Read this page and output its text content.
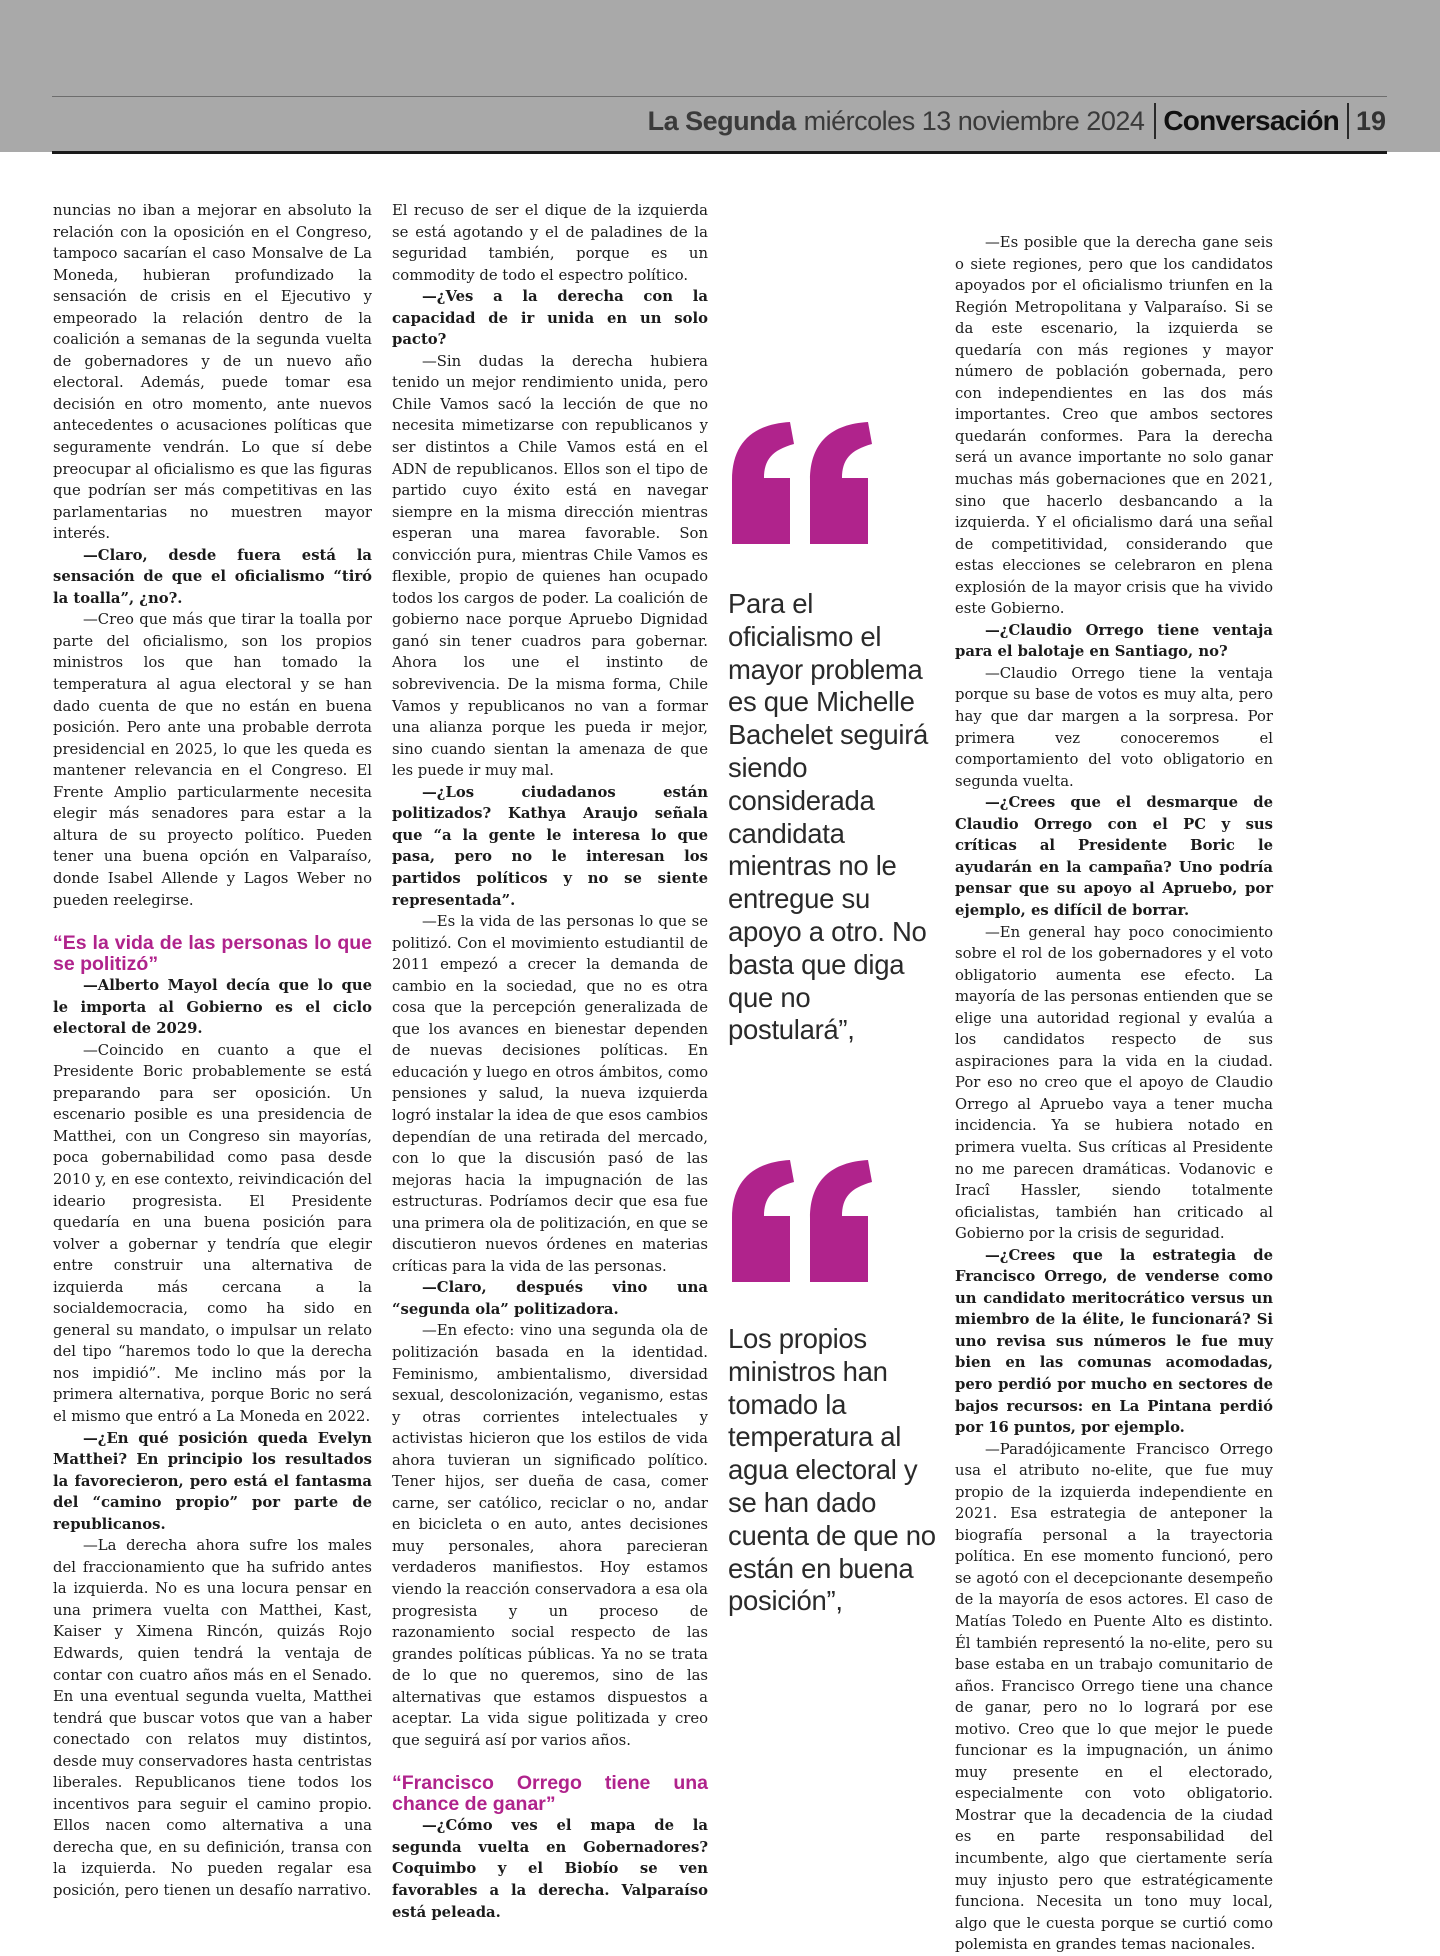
La Segunda miércoles 13 noviembre 2024 Conversación 19

nuncias no iban a mejorar en absoluto la relación con la oposición en el Congreso, tampoco sacarían el caso Monsalve de La Moneda, hubieran profundizado la sensación de crisis en el Ejecutivo y empeorado la relación dentro de la coalición a semanas de la segunda vuelta de gobernadores y de un nuevo año electoral. Además, puede tomar esa decisión en otro momento, ante nuevos antecedentes o acusaciones políticas que seguramente vendrán. Lo que sí debe preocupar al oficialismo es que las figuras que podrían ser más competitivas en las parlamentarias no muestren mayor interés.

—Claro, desde fuera está la sensación de que el oficialismo “tiró la toalla”, ¿no?.

—Creo que más que tirar la toalla por parte del oficialismo, son los propios ministros los que han tomado la temperatura al agua electoral y se han dado cuenta de que no están en buena posición. Pero ante una probable derrota presidencial en 2025, lo que les queda es mantener relevancia en el Congreso. El Frente Amplio particularmente necesita elegir más senadores para estar a la altura de su proyecto político. Pueden tener una buena opción en Valparaíso, donde Isabel Allende y Lagos Weber no pueden reelegirse.

“Es la vida de las personas lo que se politizó”

—Alberto Mayol decía que lo que le importa al Gobierno es el ciclo electoral de 2029.

—Coincido en cuanto a que el Presidente Boric probablemente se está preparando para ser oposición. Un escenario posible es una presidencia de Matthei, con un Congreso sin mayorías, poca gobernabilidad como pasa desde 2010 y, en ese contexto, reivindicación del ideario progresista. El Presidente quedaría en una buena posición para volver a gobernar y tendría que elegir entre construir una alternativa de izquierda más cercana a la socialdemocracia, como ha sido en general su mandato, o impulsar un relato del tipo “haremos todo lo que la derecha nos impidió”. Me inclino más por la primera alternativa, porque Boric no será el mismo que entró a La Moneda en 2022.

—¿En qué posición queda Evelyn Matthei? En principio los resultados la favorecieron, pero está el fantasma del “camino propio” por parte de republicanos.

—La derecha ahora sufre los males del fraccionamiento que ha sufrido antes la izquierda. No es una locura pensar en una primera vuelta con Matthei, Kast, Kaiser y Ximena Rincón, quizás Rojo Edwards, quien tendrá la ventaja de contar con cuatro años más en el Senado. En una eventual segunda vuelta, Matthei tendrá que buscar votos que van a haber conectado con relatos muy distintos, desde muy conservadores hasta centristas liberales. Republicanos tiene todos los incentivos para seguir el camino propio. Ellos nacen como alternativa a una derecha que, en su definición, transa con la izquierda. No pueden regalar esa posición, pero tienen un desafío narrativo.

El recuso de ser el dique de la izquierda se está agotando y el de paladines de la seguridad también, porque es un commodity de todo el espectro político.

—¿Ves a la derecha con la capacidad de ir unida en un solo pacto?

—Sin dudas la derecha hubiera tenido un mejor rendimiento unida, pero Chile Vamos sacó la lección de que no necesita mimetizarse con republicanos y ser distintos a Chile Vamos está en el ADN de republicanos. Ellos son el tipo de partido cuyo éxito está en navegar siempre en la misma dirección mientras esperan una marea favorable. Son convicción pura, mientras Chile Vamos es flexible, propio de quienes han ocupado todos los cargos de poder. La coalición de gobierno nace porque Apruebo Dignidad ganó sin tener cuadros para gobernar. Ahora los une el instinto de sobrevivencia. De la misma forma, Chile Vamos y republicanos no van a formar una alianza porque les pueda ir mejor, sino cuando sientan la amenaza de que les puede ir muy mal.

—¿Los ciudadanos están politizados? Kathya Araujo señala que “a la gente le interesa lo que pasa, pero no le interesan los partidos políticos y no se siente representada”.

—Es la vida de las personas lo que se politizó. Con el movimiento estudiantil de 2011 empezó a crecer la demanda de cambio en la sociedad, que no es otra cosa que la percepción generalizada de que los avances en bienestar dependen de nuevas decisiones políticas. En educación y luego en otros ámbitos, como pensiones y salud, la nueva izquierda logró instalar la idea de que esos cambios dependían de una retirada del mercado, con lo que la discusión pasó de las mejoras hacia la impugnación de las estructuras. Podríamos decir que esa fue una primera ola de politización, en que se discutieron nuevos órdenes en materias críticas para la vida de las personas.

—Claro, después vino una “segunda ola” politizadora.

—En efecto: vino una segunda ola de politización basada en la identidad. Feminismo, ambientalismo, diversidad sexual, descolonización, veganismo, estas y otras corrientes intelectuales y activistas hicieron que los estilos de vida ahora tuvieran un significado político. Tener hijos, ser dueña de casa, comer carne, ser católico, reciclar o no, andar en bicicleta o en auto, antes decisiones muy personales, ahora parecieran verdaderos manifiestos. Hoy estamos viendo la reacción conservadora a esa ola progresista y un proceso de razonamiento social respecto de las grandes políticas públicas. Ya no se trata de lo que no queremos, sino de las alternativas que estamos dispuestos a aceptar. La vida sigue politizada y creo que seguirá así por varios años.

“Francisco Orrego tiene una chance de ganar”

—¿Cómo ves el mapa de la segunda vuelta en Gobernadores? Coquimbo y el Biobío se ven favorables a la derecha. Valparaíso está peleada.

Para el oficialismo el mayor problema es que Michelle Bachelet seguirá siendo considerada candidata mientras no le entregue su apoyo a otro. No basta que diga que no postulará”,
Los propios ministros han tomado la temperatura al agua electoral y se han dado cuenta de que no están en buena posición”,

—Es posible que la derecha gane seis o siete regiones, pero que los candidatos apoyados por el oficialismo triunfen en la Región Metropolitana y Valparaíso. Si se da este escenario, la izquierda se quedaría con más regiones y mayor número de población gobernada, pero con independientes en las dos más importantes. Creo que ambos sectores quedarán conformes. Para la derecha será un avance importante no solo ganar muchas más gobernaciones que en 2021, sino que hacerlo desbancando a la izquierda. Y el oficialismo dará una señal de competitividad, considerando que estas elecciones se celebraron en plena explosión de la mayor crisis que ha vivido este Gobierno.

—¿Claudio Orrego tiene ventaja para el balotaje en Santiago, no?

—Claudio Orrego tiene la ventaja porque su base de votos es muy alta, pero hay que dar margen a la sorpresa. Por primera vez conoceremos el comportamiento del voto obligatorio en segunda vuelta.

—¿Crees que el desmarque de Claudio Orrego con el PC y sus críticas al Presidente Boric le ayudarán en la campaña? Uno podría pensar que su apoyo al Apruebo, por ejemplo, es difícil de borrar.

—En general hay poco conocimiento sobre el rol de los gobernadores y el voto obligatorio aumenta ese efecto. La mayoría de las personas entienden que se elige una autoridad regional y evalúa a los candidatos respecto de sus aspiraciones para la vida en la ciudad. Por eso no creo que el apoyo de Claudio Orrego al Apruebo vaya a tener mucha incidencia. Ya se hubiera notado en primera vuelta. Sus críticas al Presidente no me parecen dramáticas. Vodanovic e Iracî Hassler, siendo totalmente oficialistas, también han criticado al Gobierno por la crisis de seguridad.

—¿Crees que la estrategia de Francisco Orrego, de venderse como un candidato meritocrático versus un miembro de la élite, le funcionará? Si uno revisa sus números le fue muy bien en las comunas acomodadas, pero perdió por mucho en sectores de bajos recursos: en La Pintana perdió por 16 puntos, por ejemplo.

—Paradójicamente Francisco Orrego usa el atributo no-elite, que fue muy propio de la izquierda independiente en 2021. Esa estrategia de anteponer la biografía personal a la trayectoria política. En ese momento funcionó, pero se agotó con el decepcionante desempeño de la mayoría de esos actores. El caso de Matías Toledo en Puente Alto es distinto. Él también representó la no-elite, pero su base estaba en un trabajo comunitario de años. Francisco Orrego tiene una chance de ganar, pero no lo logrará por ese motivo. Creo que lo que mejor le puede funcionar es la impugnación, un ánimo muy presente en el electorado, especialmente con voto obligatorio. Mostrar que la decadencia de la ciudad es en parte responsabilidad del incumbente, algo que ciertamente sería muy injusto pero que estratégicamente funciona. Necesita un tono muy local, algo que le cuesta porque se curtió como polemista en grandes temas nacionales.
